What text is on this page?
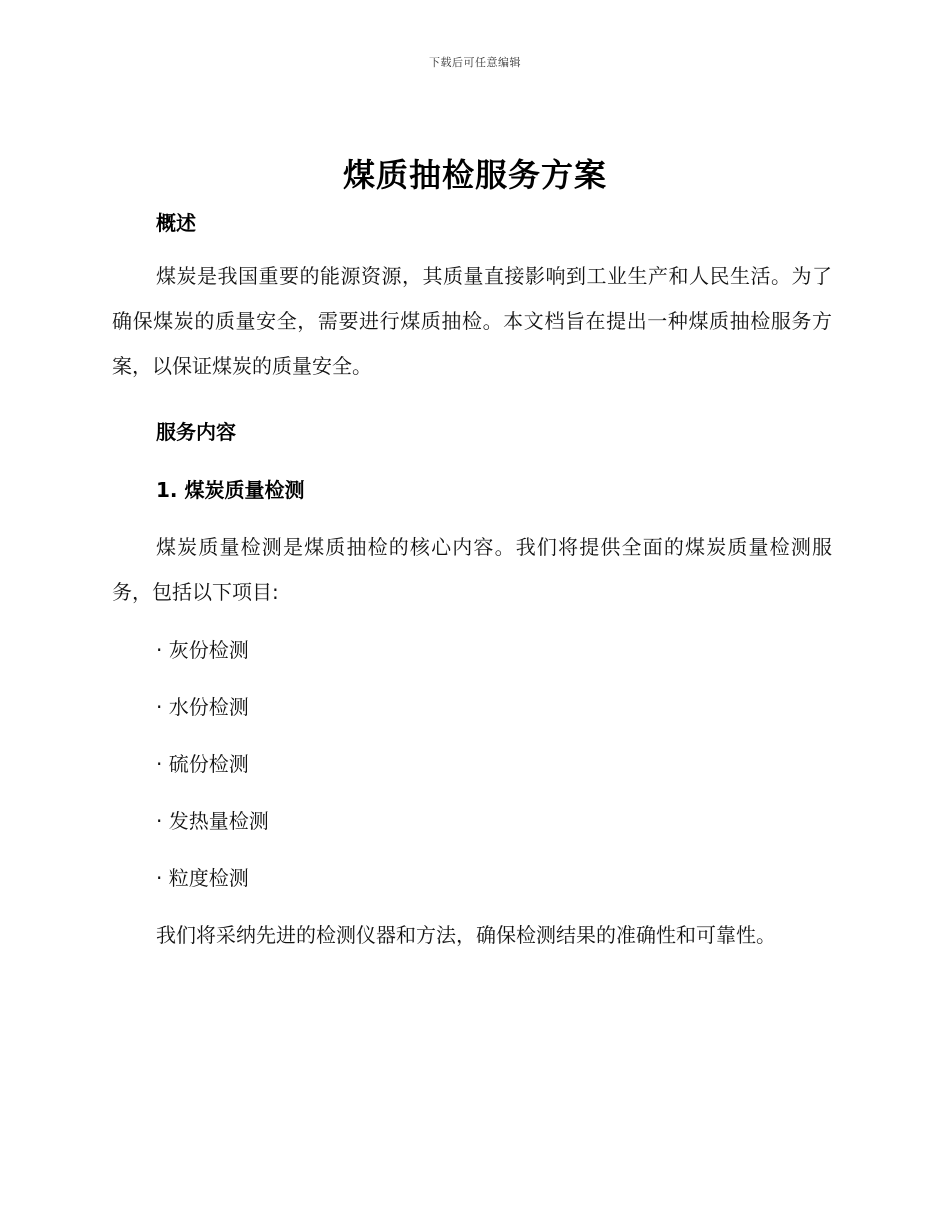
下载后可任意编辑
煤质抽检服务方案
概述
煤炭是我国重要的能源资源，其质量直接影响到工业生产和人民生活。为了确保煤炭的质量安全，需要进行煤质抽检。本文档旨在提出一种煤质抽检服务方案，以保证煤炭的质量安全。
服务内容
1. 煤炭质量检测
煤炭质量检测是煤质抽检的核心内容。我们将提供全面的煤炭质量检测服务，包括以下项目:
· 灰份检测
· 水份检测
· 硫份检测
· 发热量检测
· 粒度检测
我们将采纳先进的检测仪器和方法，确保检测结果的准确性和可靠性。
